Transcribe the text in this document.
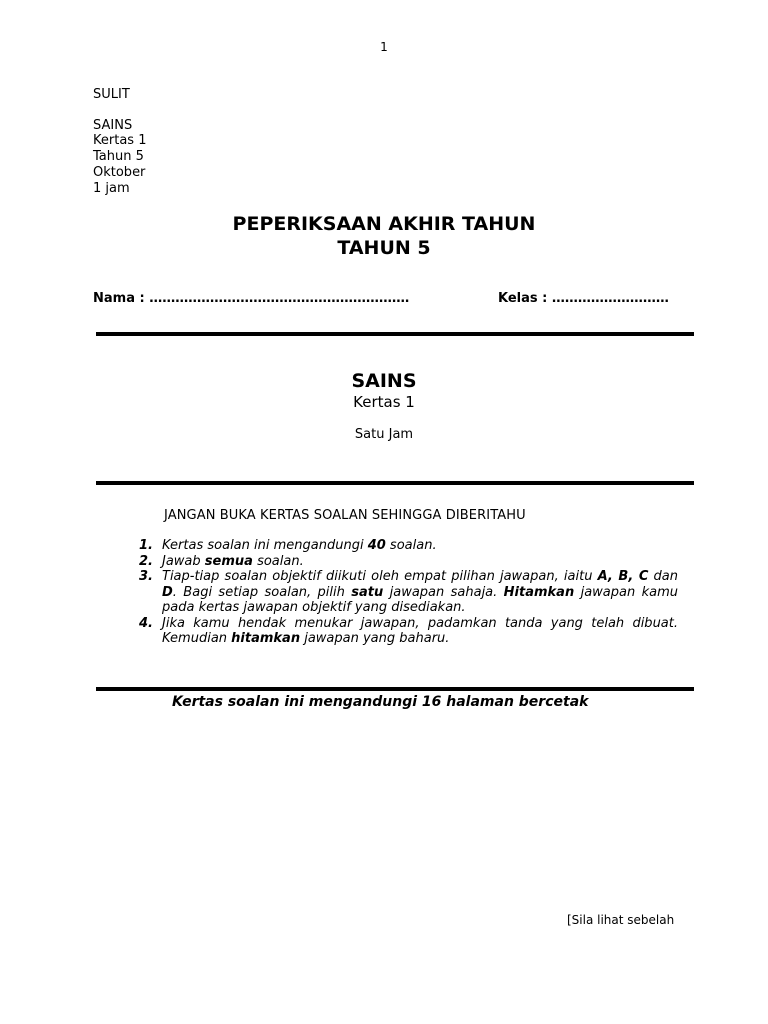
1
SULIT
SAINS
Kertas 1
Tahun 5
Oktober
1 jam
PEPERIKSAAN AKHIR TAHUN
TAHUN 5
Nama : ……………………………………………………	Kelas : ………………………
SAINS
Kertas 1
Satu Jam
JANGAN BUKA KERTAS SOALAN SEHINGGA DIBERITAHU
1. Kertas soalan ini mengandungi 40 soalan.
2. Jawab semua soalan.
3. Tiap-tiap soalan objektif diikuti oleh empat pilihan jawapan, iaitu A, B, C dan D. Bagi setiap soalan, pilih satu jawapan sahaja. Hitamkan jawapan kamu pada kertas jawapan objektif yang disediakan.
4. Jika kamu hendak menukar jawapan, padamkan tanda yang telah dibuat. Kemudian hitamkan jawapan yang baharu.
Kertas soalan ini mengandungi 16 halaman bercetak
[Sila lihat sebelah
